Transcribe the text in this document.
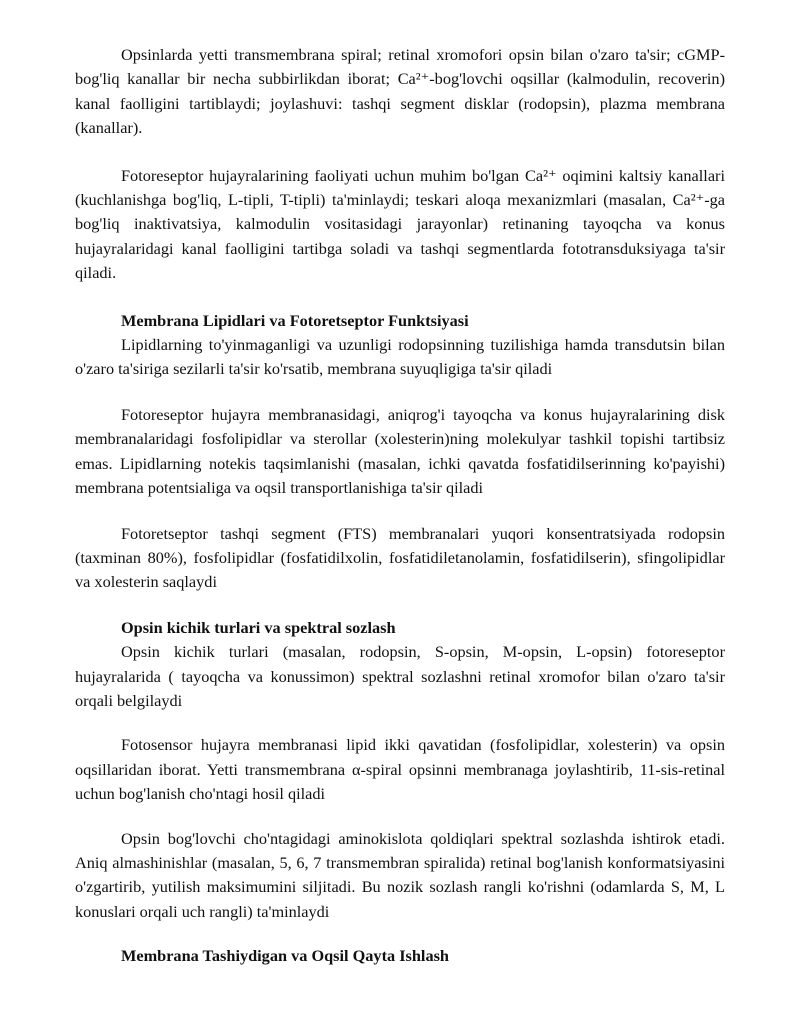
Opsinlarda yetti transmembrana spiral; retinal xromofori opsin bilan o'zaro ta'sir; cGMP-bog'liq kanallar bir necha subbirlikdan iborat; Ca²⁺-bog'lovchi oqsillar (kalmodulin, recoverin) kanal faolligini tartiblaydi; joylashuvi: tashqi segment disklar (rodopsin), plazma membrana (kanallar).

Fotoreseptor hujayralarining faoliyati uchun muhim bo'lgan Ca²⁺ oqimini kaltsiy kanallari (kuchlanishga bog'liq, L-tipli, T-tipli) ta'minlaydi; teskari aloqa mexanizmlari (masalan, Ca²⁺-ga bog'liq inaktivatsiya, kalmodulin vositasidagi jarayonlar) retinaning tayoqcha va konus hujayralaridagi kanal faolligini tartibga soladi va tashqi segmentlarda fototransduksiyaga ta'sir qiladi.

Membrana Lipidlari va Fotoretseptor Funktsiyasi

Lipidlarning to'yinmaganligi va uzunligi rodopsinning tuzilishiga hamda transdutsin bilan o'zaro ta'siriga sezilarli ta'sir ko'rsatib, membrana suyuqligiga ta'sir qiladi

Fotoreseptor hujayra membranasidagi, aniqrog'i tayoqcha va konus hujayralarining disk membranalaridagi fosfolipidlar va sterollar (xolesterin)ning molekulyar tashkil topishi tartibsiz emas. Lipidlarning notekis taqsimlanishi (masalan, ichki qavatda fosfatidilserinning ko'payishi) membrana potentsialiga va oqsil transportlanishiga ta'sir qiladi

Fotoretseptor tashqi segment (FTS) membranalari yuqori konsentratsiyada rodopsin (taxminan 80%), fosfolipidlar (fosfatidilxolin, fosfatidiletanolamin, fosfatidilserin), sfingolipidlar va xolesterin saqlaydi

Opsin kichik turlari va spektral sozlash

Opsin kichik turlari (masalan, rodopsin, S-opsin, M-opsin, L-opsin) fotoreseptor hujayralarida ( tayoqcha va konussimon) spektral sozlashni retinal xromofor bilan o'zaro ta'sir orqali belgilaydi

Fotosensor hujayra membranasi lipid ikki qavatidan (fosfolipidlar, xolesterin) va opsin oqsillaridan iborat. Yetti transmembrana α-spiral opsinni membranaga joylashtirib, 11-sis-retinal uchun bog'lanish cho'ntagi hosil qiladi

Opsin bog'lovchi cho'ntagidagi aminokislota qoldiqlari spektral sozlashda ishtirok etadi. Aniq almashinishlar (masalan, 5, 6, 7 transmembran spiralida) retinal bog'lanish konformatsiyasini o'zgartirib, yutilish maksimumini siljitadi. Bu nozik sozlash rangli ko'rishni (odamlarda S, M, L konuslari orqali uch rangli) ta'minlaydi

Membrana Tashiydigan va Oqsil Qayta Ishlash
